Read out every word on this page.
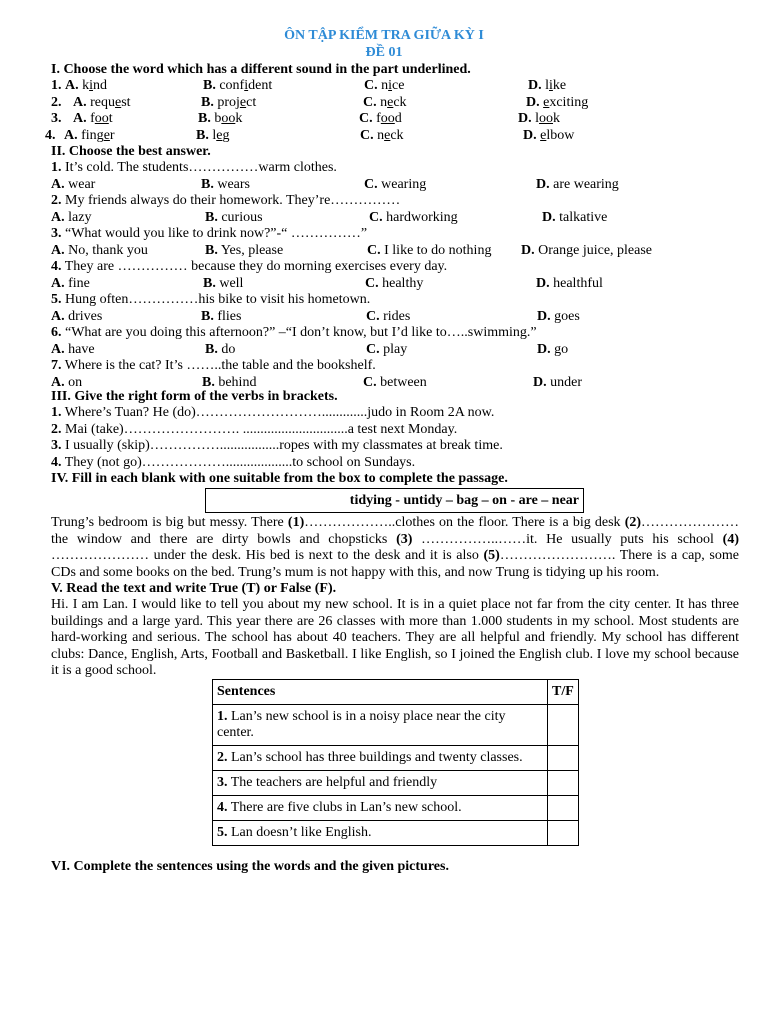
ÔN TẬP KIỂM TRA GIỮA KỲ I
ĐỀ 01
I. Choose the word which has a different sound in the part underlined.
1. A. kind	B. confident	C. nice	D. like
2. A. request	B. project	C. neck	D. exciting
3. A. foot	B. book	C. food	D. look
4. A. finger	B. leg	C. neck	D. elbow
II. Choose the best answer.
1. It’s cold. The students……………warm clothes.
A. wear	B. wears	C. wearing	D. are wearing
2. My friends always do their homework. They’re……………
A. lazy	B. curious	C. hardworking	D. talkative
3. “What would you like to drink now?”-“ ……………”
A. No, thank you	B. Yes, please	C. I like to do nothing D. Orange juice, please
4. They are …………… because they do morning exercises every day.
A. fine	B. well	C. healthy	D. healthful
5. Hung often……………his bike to visit his hometown.
A. drives	B. flies	C. rides	D. goes
6. “What are you doing this afternoon?” –“I don’t know, but I’d like to…..swimming.”
A. have	B. do	C. play	D. go
7. Where is the cat? It’s ……..the table and the bookshelf.
A. on	B. behind	C. between	D. under
III. Give the right form of the verbs in brackets.
1. Where’s Tuan? He (do)……………………….............judo in Room 2A now.
2. Mai (take)……………………. ..............................a test next Monday.
3. I usually (skip)…………….................ropes with my classmates at break time.
4. They (not go)………………...................to school on Sundays.
IV. Fill in each blank with one suitable from the box to complete the passage.
tidying - untidy – bag – on - are – near
Trung’s bedroom is big but messy. There (1)………………..clothes on the floor. There is a big desk (2)…………………the window and there are dirty bowls and chopsticks (3) ……………..……it. He usually puts his school (4) ………………… under the desk. His bed is next to the desk and it is also (5)……………………. There is a cap, some CDs and some books on the bed. Trung’s mum is not happy with this, and now Trung is tidying up his room.
V. Read the text and write True (T) or False (F).
Hi. I am Lan. I would like to tell you about my new school. It is in a quiet place not far from the city center. It has three buildings and a large yard. This year there are 26 classes with more than 1.000 students in my school. Most students are hard-working and serious. The school has about 40 teachers. They are all helpful and friendly. My school has different clubs: Dance, English, Arts, Football and Basketball. I like English, so I joined the English club. I love my school because it is a good school.
Sentences	T/F
1. Lan’s new school is in a noisy place near the city center.	
2. Lan’s school has three buildings and twenty classes.	
3. The teachers are helpful and friendly	
4. There are five clubs in Lan’s new school.	
5. Lan doesn’t like English.	
VI. Complete the sentences using the words and the given pictures.
